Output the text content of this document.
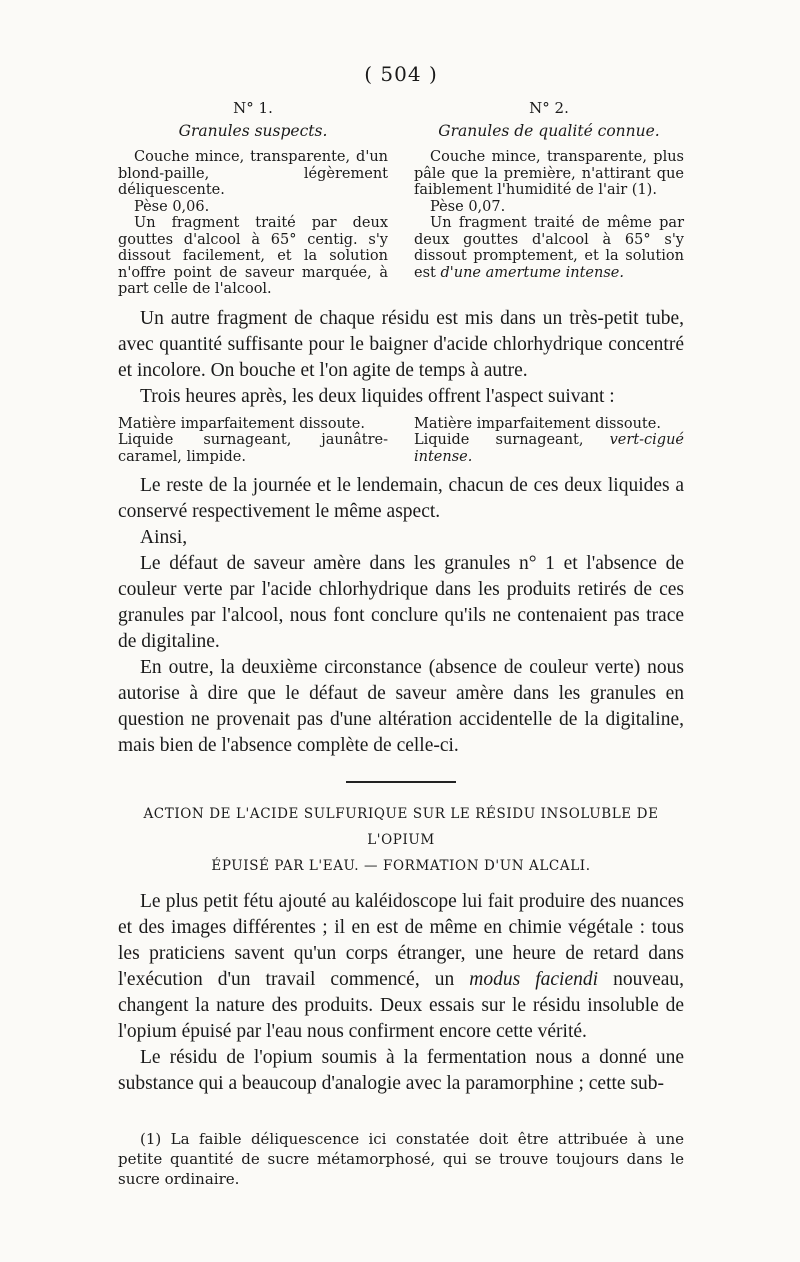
( 504 )
N° 1.
Granules suspects.

Couche mince, transparente, d'un blond-paille, légèrement déliquescente.

Pèse 0,06.

Un fragment traité par deux gouttes d'alcool à 65° centig. s'y dissout facilement, et la solution n'offre point de saveur marquée, à part celle de l'alcool.

N° 2.
Granules de qualité connue.

Couche mince, transparente, plus pâle que la première, n'attirant que faiblement l'humidité de l'air (1).

Pèse 0,07.

Un fragment traité de même par deux gouttes d'alcool à 65° s'y dissout promptement, et la solution est d'une amertume intense.

Un autre fragment de chaque résidu est mis dans un très-petit tube, avec quantité suffisante pour le baigner d'acide chlorhydrique concentré et incolore. On bouche et l'on agite de temps à autre.

Trois heures après, les deux liquides offrent l'aspect suivant :

Matière imparfaitement dissoute.

Liquide surnageant, jaunâtre-caramel, limpide.

Matière imparfaitement dissoute.

Liquide surnageant, vert-cigué intense.

Le reste de la journée et le lendemain, chacun de ces deux liquides a conservé respectivement le même aspect.

Ainsi,

Le défaut de saveur amère dans les granules n° 1 et l'absence de couleur verte par l'acide chlorhydrique dans les produits retirés de ces granules par l'alcool, nous font conclure qu'ils ne contenaient pas trace de digitaline.

En outre, la deuxième circonstance (absence de couleur verte) nous autorise à dire que le défaut de saveur amère dans les granules en question ne provenait pas d'une altération accidentelle de la digitaline, mais bien de l'absence complète de celle-ci.

ACTION DE L'ACIDE SULFURIQUE SUR LE RÉSIDU INSOLUBLE DE L'OPIUM
ÉPUISÉ PAR L'EAU. — FORMATION D'UN ALCALI.

Le plus petit fétu ajouté au kaléidoscope lui fait produire des nuances et des images différentes ; il en est de même en chimie végétale : tous les praticiens savent qu'un corps étranger, une heure de retard dans l'exécution d'un travail commencé, un modus faciendi nouveau, changent la nature des produits. Deux essais sur le résidu insoluble de l'opium épuisé par l'eau nous confirment encore cette vérité.

Le résidu de l'opium soumis à la fermentation nous a donné une substance qui a beaucoup d'analogie avec la paramorphine ; cette sub-

(1) La faible déliquescence ici constatée doit être attribuée à une petite quantité de sucre métamorphosé, qui se trouve toujours dans le sucre ordinaire.
